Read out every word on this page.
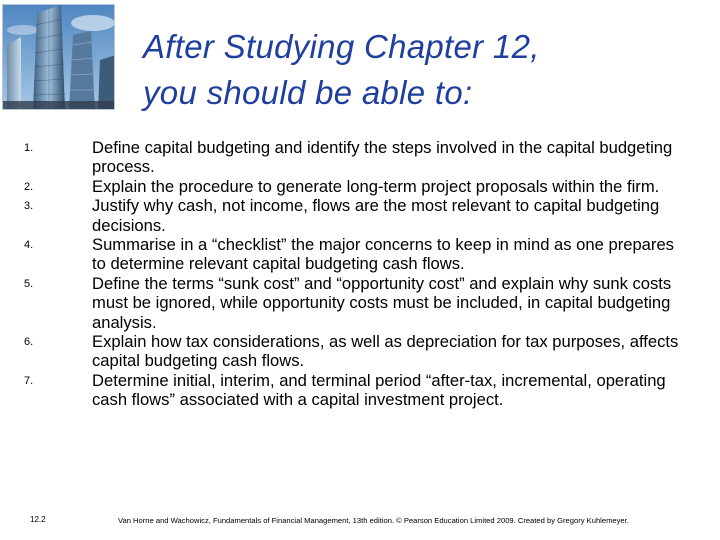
After Studying Chapter 12,
you should be able to:
1.	Define capital budgeting and identify the steps involved in the capital budgeting process.
2.	Explain the procedure to generate long-term project proposals within the firm.
3.	Justify why cash, not income, flows are the most relevant to capital budgeting decisions.
4.	Summarise in a “checklist” the major concerns to keep in mind as one prepares to determine relevant capital budgeting cash flows.
5.	Define the terms “sunk cost” and “opportunity cost” and explain why sunk costs must be ignored, while opportunity costs must be included, in capital budgeting analysis.
6.	Explain how tax considerations, as well as depreciation for tax purposes, affects capital budgeting cash flows.
7.	Determine initial, interim, and terminal period “after-tax, incremental, operating cash flows” associated with a capital investment project.
12.2	Van Horne and Wachowicz, Fundamentals of Financial Management, 13th edition. © Pearson Education Limited 2009. Created by Gregory Kuhlemeyer.
